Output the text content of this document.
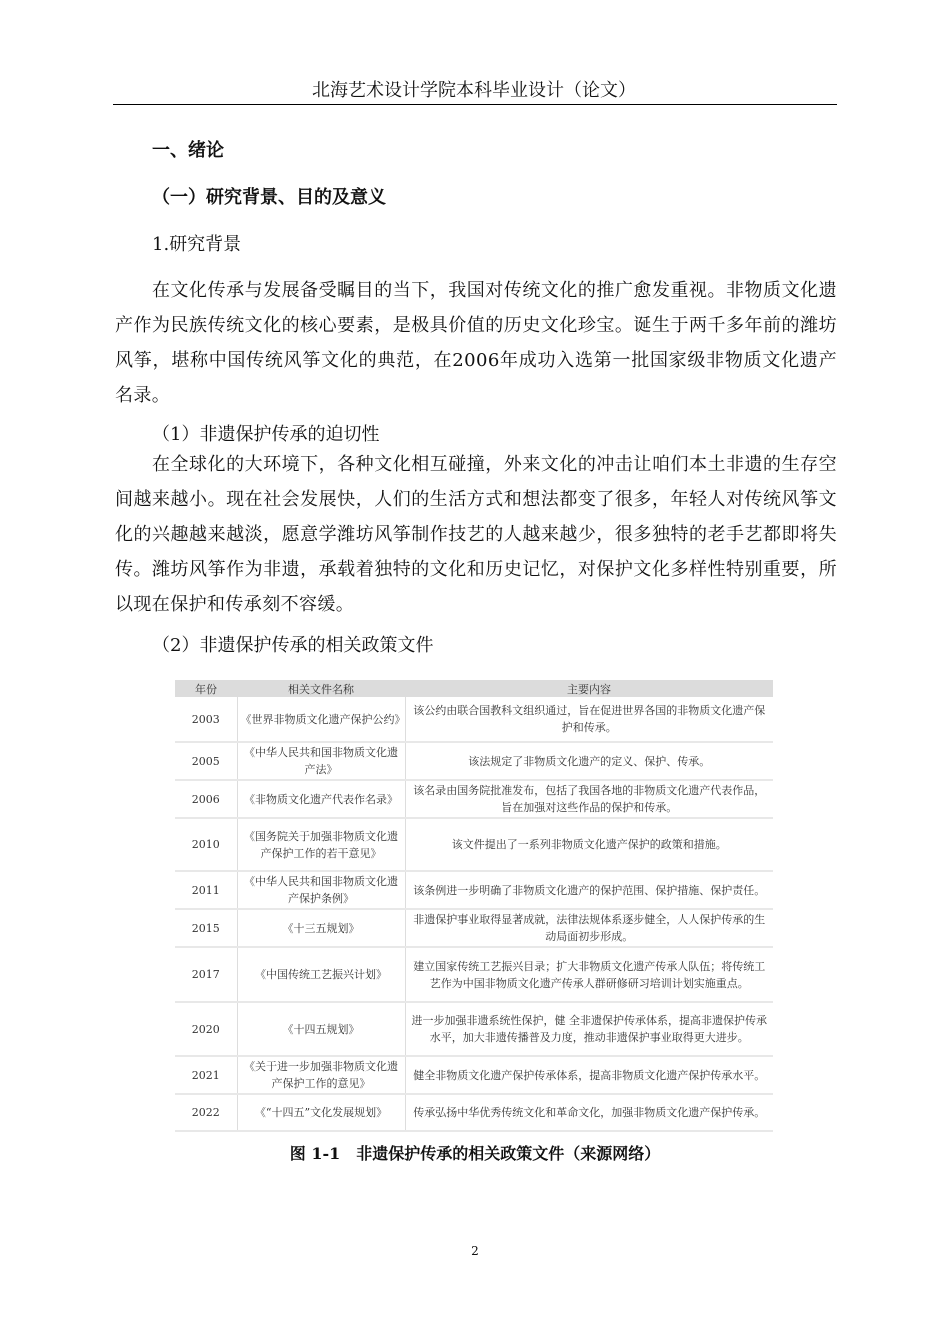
北海艺术设计学院本科毕业设计（论文）
一、绪论
（一）研究背景、目的及意义
1.研究背景
在文化传承与发展备受瞩目的当下，我国对传统文化的推广愈发重视。非物质文化遗产作为民族传统文化的核心要素，是极具价值的历史文化珍宝。诞生于两千多年前的潍坊风筝，堪称中国传统风筝文化的典范，在2006年成功入选第一批国家级非物质文化遗产名录。
（1）非遗保护传承的迫切性
在全球化的大环境下，各种文化相互碰撞，外来文化的冲击让咱们本土非遗的生存空间越来越小。现在社会发展快，人们的生活方式和想法都变了很多，年轻人对传统风筝文化的兴趣越来越淡，愿意学潍坊风筝制作技艺的人越来越少，很多独特的老手艺都即将失传。潍坊风筝作为非遗，承载着独特的文化和历史记忆，对保护文化多样性特别重要，所以现在保护和传承刻不容缓。
（2）非遗保护传承的相关政策文件
年份	相关文件名称	主要内容
2003	《世界非物质文化遗产保护公约》	该公约由联合国教科文组织通过，旨在促进世界各国的非物质文化遗产保护和传承。
2005	《中华人民共和国非物质文化遗产法》	该法规定了非物质文化遗产的定义、保护、传承。
2006	《非物质文化遗产代表作名录》	该名录由国务院批准发布，包括了我国各地的非物质文化遗产代表作品，旨在加强对这些作品的保护和传承。
2010	《国务院关于加强非物质文化遗产保护工作的若干意见》	该文件提出了一系列非物质文化遗产保护的政策和措施。
2011	《中华人民共和国非物质文化遗产保护条例》	该条例进一步明确了非物质文化遗产的保护范围、保护措施、保护责任。
2015	《十三五规划》	非遗保护事业取得显著成就，法律法规体系逐步健全，人人保护传承的生动局面初步形成。
2017	《中国传统工艺振兴计划》	建立国家传统工艺振兴目录；扩大非物质文化遗产传承人队伍；将传统工艺作为中国非物质文化遗产传承人群研修研习培训计划实施重点。
2020	《十四五规划》	进一步加强非遗系统性保护，健 全非遗保护传承体系，提高非遗保护传承水平，加大非遗传播普及力度，推动非遗保护事业取得更大进步。
2021	《关于进一步加强非物质文化遗产保护工作的意见》	健全非物质文化遗产保护传承体系，提高非物质文化遗产保护传承水平。
2022	《“十四五”文化发展规划》	传承弘扬中华优秀传统文化和革命文化，加强非物质文化遗产保护传承。
图 1-1　非遗保护传承的相关政策文件（来源网络）
2
